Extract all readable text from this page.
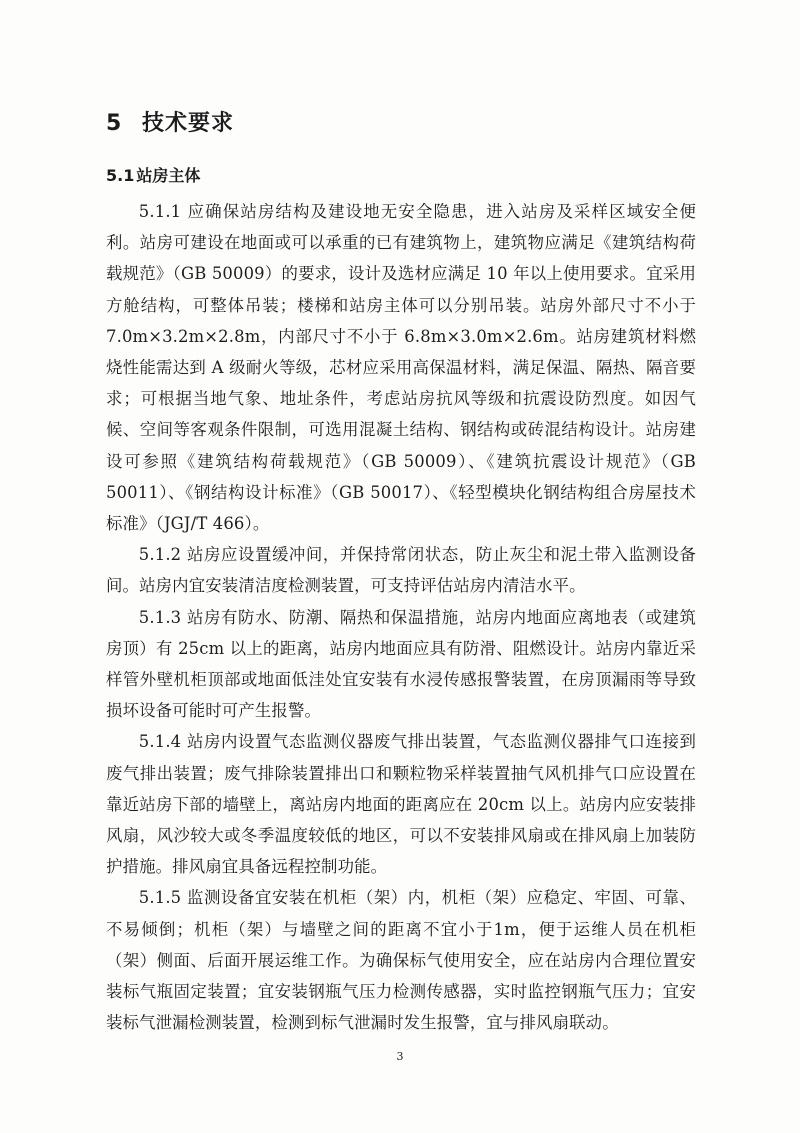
5 技术要求
5.1 站房主体

5.1.1 应确保站房结构及建设地无安全隐患，进入站房及采样区域安全便利。站房可建设在地面或可以承重的已有建筑物上，建筑物应满足《建筑结构荷载规范》（GB 50009）的要求，设计及选材应满足 10 年以上使用要求。宜采用方舱结构，可整体吊装；楼梯和站房主体可以分别吊装。站房外部尺寸不小于7.0m×3.2m×2.8m，内部尺寸不小于 6.8m×3.0m×2.6m。站房建筑材料燃烧性能需达到 A 级耐火等级，芯材应采用高保温材料，满足保温、隔热、隔音要求；可根据当地气象、地址条件，考虑站房抗风等级和抗震设防烈度。如因气候、空间等客观条件限制，可选用混凝土结构、钢结构或砖混结构设计。站房建设可参照《建筑结构荷载规范》（GB 50009）、《建筑抗震设计规范》（GB 50011）、《钢结构设计标准》（GB 50017）、《轻型模块化钢结构组合房屋技术标准》（JGJ/T 466）。

5.1.2 站房应设置缓冲间，并保持常闭状态，防止灰尘和泥土带入监测设备间。站房内宜安装清洁度检测装置，可支持评估站房内清洁水平。

5.1.3 站房有防水、防潮、隔热和保温措施，站房内地面应离地表（或建筑房顶）有 25cm 以上的距离，站房内地面应具有防滑、阻燃设计。站房内靠近采样管外壁机柜顶部或地面低洼处宜安装有水浸传感报警装置，在房顶漏雨等导致损坏设备可能时可产生报警。

5.1.4 站房内设置气态监测仪器废气排出装置，气态监测仪器排气口连接到废气排出装置；废气排除装置排出口和颗粒物采样装置抽气风机排气口应设置在靠近站房下部的墙壁上，离站房内地面的距离应在 20cm 以上。站房内应安装排风扇，风沙较大或冬季温度较低的地区，可以不安装排风扇或在排风扇上加装防护措施。排风扇宜具备远程控制功能。

5.1.5 监测设备宜安装在机柜（架）内，机柜（架）应稳定、牢固、可靠、不易倾倒；机柜（架）与墙壁之间的距离不宜小于1m，便于运维人员在机柜（架）侧面、后面开展运维工作。为确保标气使用安全，应在站房内合理位置安装标气瓶固定装置；宜安装钢瓶气压力检测传感器，实时监控钢瓶气压力；宜安装标气泄漏检测装置，检测到标气泄漏时发生报警，宜与排风扇联动。

3
